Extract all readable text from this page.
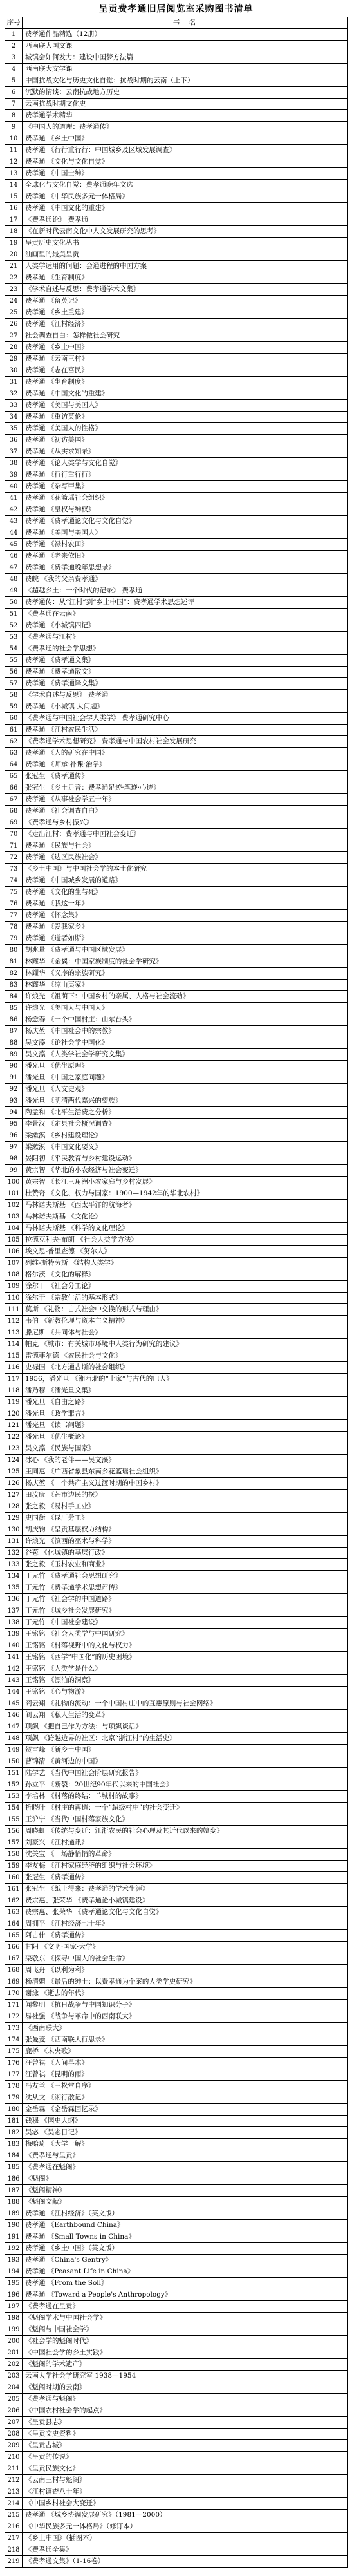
呈贡费孝通旧居阅览室采购图书清单
序号	书　名
1	费孝通作品精选（12册）
2	西南联大国文课
3	城镇会如何发力：建设中国梦方法篇
4	西南联大文学课
5	中国抗战文化与历史文化自觉：抗战时期的云南（上下）
6	沉默的情谈：云南抗战地方历史
7	云南抗战时期文化史
8	费孝通学术精华
9	《中国人的道理：费孝通传》
10	费孝通 《乡土中国》
11	费孝通 《行行重行行：中国城乡及区域发展调查》
12	费孝通 《文化与文化自觉》
13	费孝通 《中国士绅》
14	全球化与文化自觉：费孝通晚年文选
15	费孝通 《中华民族多元一体格局》
16	费孝通 《中国文化的重建》
17	《费孝通论》 费孝通
18	《在新时代云南文化中人文发展研究的思考》
19	呈贡历史文化丛书
20	油画里的最美呈贡
21	人类学运用的问题：会通进程的中国方案
22	费孝通 《生育制度》
23	《学术自述与反思：费孝通学术文集》
24	费孝通 《留英记》
25	费孝通 《乡土重建》
26	费孝通 《江村经济》
27	社会调查自白：怎样做社会研究
28	费孝通 《乡土中国》
29	费孝通 《云南三村》
30	费孝通 《志在富民》
31	费孝通 《生育制度》
32	费孝通 《中国文化的重建》
33	费孝通 《美国与美国人》
34	费孝通 《重访英伦》
35	费孝通 《美国人的性格》
36	费孝通 《初访美国》
37	费孝通 《从实求知录》
38	费孝通 《论人类学与文化自觉》
39	费孝通 《行行重行行》
40	费孝通 《杂写甲集》
41	费孝通 《花篮瑶社会组织》
42	费孝通 《皇权与绅权》
43	费孝通 《费孝通论文化与文化自觉》
44	费孝通 《美国与美国人》
45	费孝通 《禄村农田》
46	费孝通 《老来依旧》
47	费孝通 《费孝通晚年思想录》
48	费皖 《我的父亲费孝通》
49	《超越乡土：一个时代的记录》 费孝通
50	费孝通传：从“江村”到“乡土中国”：费孝通学术思想述评
51	《费孝通在云南》
52	费孝通 《小城镇四记》
53	《费孝通与江村》
54	《费孝通的社会学思想》
55	费孝通 《费孝通文集》
56	费孝通 《费孝通散文》
57	费孝通 《费孝通译文集》
58	《学术自述与反思》 费孝通
59	费孝通 《小城镇 大问题》
60	《费孝通与中国社会学人类学》 费孝通研究中心
61	费孝通 《江村农民生活》
62	《费孝通学术思想研究》 费孝通与中国农村社会发展研究
63	费孝通 《人的研究在中国》
64	费孝通 《师承·补课·治学》
65	张冠生 《费孝通传》
66	张冠生 《乡土足音：费孝通足迹·笔迹·心迹》
67	费孝通 《从事社会学五十年》
68	费孝通 《社会调查自白》
69	《费孝通与乡村振兴》
70	《走出江村：费孝通与中国社会变迁》
71	费孝通 《民族与社会》
72	费孝通 《边区民族社会》
73	《乡土中国》与中国社会学的本土化研究
74	费孝通 《中国城乡发展的道路》
75	费孝通 《文化的生与死》
76	费孝通 《我这一年》
77	费孝通 《怀念集》
78	费孝通 《爱我家乡》
79	费孝通 《逝者如斯》
80	胡兆量 《费孝通与中国区域发展》
81	林耀华 《金翼：中国家族制度的社会学研究》
82	林耀华 《义序的宗族研究》
83	林耀华 《凉山夷家》
84	许烺光 《祖荫下：中国乡村的亲属、人格与社会流动》
85	许烺光 《美国人与中国人》
86	杨懋春 《一个中国村庄：山东台头》
87	杨庆堃 《中国社会中的宗教》
88	吴文藻 《论社会学中国化》
89	吴文藻 《人类学社会学研究文集》
90	潘光旦 《优生原理》
91	潘光旦 《中国之家庭问题》
92	潘光旦 《人文史观》
93	潘光旦 《明清两代嘉兴的望族》
94	陶孟和 《北平生活费之分析》
95	李景汉 《定县社会概况调查》
96	梁漱溟 《乡村建设理论》
97	梁漱溟 《中国文化要义》
98	晏阳初 《平民教育与乡村建设运动》
99	黄宗智 《华北的小农经济与社会变迁》
100 黄宗智 《长江三角洲小农家庭与乡村发展》
101 杜赞奇 《文化、权力与国家：1900—1942年的华北农村》
102 马林诺夫斯基 《西太平洋的航海者》
103 马林诺夫斯基 《文化论》
104 马林诺夫斯基 《科学的文化理论》
105 拉德克利夫-布朗 《社会人类学方法》
106 埃文思-普里查德 《努尔人》
107 列维-斯特劳斯 《结构人类学》
108 格尔茨 《文化的解释》
109 涂尔干 《社会分工论》
110 涂尔干 《宗教生活的基本形式》
111 莫斯 《礼物：古式社会中交换的形式与理由》
112 韦伯 《新教伦理与资本主义精神》
113 滕尼斯 《共同体与社会》
114 帕克 《城市：有关城市环境中人类行为研究的建议》
115 雷德菲尔德 《农民社会与文化》
116 史禄国 《北方通古斯的社会组织》
117 1956，潘光旦 《湘西北的“土家”与古代的巴人》
118 潘乃穆 《潘光旦文集》
119 潘光旦 《自由之路》
120 潘光旦 《政学罪言》
121 潘光旦 《读书问题》
122 潘光旦 《优生概论》
123 吴文藻 《民族与国家》
124 冰心 《我的老伴——吴文藻》
125 王同惠 《广西省象县东南乡花篮瑶社会组织》
126 杨庆堃 《一个共产主义过渡时期的中国乡村》
127 田汝康 《芒市边民的摆》
128 张之毅 《易村手工业》
129 史国衡 《昆厂劳工》
130 胡庆钧 《呈贡基层权力结构》
131 许烺光 《滇西的巫术与科学》
132 谷苞 《化城镇的基层行政》
133 张之毅 《玉村农业和商业》
134 丁元竹 《费孝通社会思想研究》
135 丁元竹 《费孝通学术思想评传》
136 丁元竹 《社会学的中国道路》
137 丁元竹 《城乡社会发展研究》
138 丁元竹 《中国社会建设》
139 王铭铭 《社会人类学与中国研究》
140 王铭铭 《村落视野中的文化与权力》
141 王铭铭 《西学“中国化”的历史困境》
142 王铭铭 《人类学是什么》
143 王铭铭 《漂泊的洞察》
144 王铭铭 《心与物游》
145 阎云翔 《礼物的流动：一个中国村庄中的互惠原则与社会网络》
146 阎云翔 《私人生活的变革》
147 项飙 《把自己作为方法：与项飙谈话》
148 项飙 《跨越边界的社区：北京“浙江村”的生活史》
149 贺雪峰 《新乡土中国》
150 曹锦清 《黄河边的中国》
151 陆学艺 《当代中国社会阶层研究报告》
152 孙立平 《断裂：20世纪90年代以来的中国社会》
153 李培林 《村落的终结：羊城村的故事》
154 折晓叶 《村庄的再造：一个“超级村庄”的社会变迁》
155 王沪宁 《当代中国村落家族文化》
156 周晓虹 《传统与变迁：江浙农民的社会心理及其近代以来的嬗变》
157 刘豪兴 《江村通讯》
158 沈关宝 《一场静悄悄的革命》
159 李友梅 《江村家庭经济的组织与社会环境》
160 张冠生 《费孝通传》
161 张冠生 《纸上得来：费孝通的学术生涯》
162 费宗惠、张荣华 《费孝通论小城镇建设》
163 费宗惠、张荣华 《费孝通论文化与文化自觉》
164 周拥平 《江村经济七十年》
165 阿古什 《费孝通传》
166 甘阳 《文明·国家·大学》
167 渠敬东 《探寻中国人的社会生命》
168 周飞舟 《以利为利》
169 杨清媚 《最后的绅士：以费孝通为个案的人类学史研究》
170 谢泳 《逝去的年代》
171 闻黎明 《抗日战争与中国知识分子》
172 易社强 《战争与革命中的西南联大》
173 《西南联大》
174 张曼菱 《西南联大行思录》
175 鹿桥 《未央歌》
176 汪曾祺 《人间草木》
177 汪曾祺 《昆明的雨》
178 冯友兰 《三松堂自序》
179 沈从文 《湘行散记》
180 金岳霖 《金岳霖回忆录》
181 钱穆 《国史大纲》
182 吴宓 《吴宓日记》
183 梅贻琦 《大学一解》
184 《费孝通与呈贡》
185 《费孝通在魁阁》
186 《魁阁》
187 《魁阁精神》
188 《魁阁文献》
189 费孝通 《江村经济》（英文版）
190 费孝通 《Earthbound China》
191 费孝通 《Small Towns in China》
192 费孝通 《乡土中国》（英文版）
193 费孝通 《China's Gentry》
194 费孝通 《Peasant Life in China》
195 费孝通 《From the Soil》
196 费孝通 《Toward a People's Anthropology》
197 《费孝通在呈贡》
198 《魁阁学术与中国社会学》
199 《魁阁与中国社会学》
200 《社会学的魁阁时代》
201 《中国社会学的乡土实践》
202 《魁阁的学术遗产》
203 云南大学社会学研究室 1938—1954
204 《魁阁时期的云南》
205 《费孝通与魁阁》
206 《中国农村社会学的起点》
207 《呈贡县志》
208 《呈贡文史资料》
209 《呈贡古城》
210 《呈贡的传说》
211 《呈贡民族文化》
212 《云南三村与魁阁》
213 《江村调查八十年》
214 《中国乡村社会大变迁》
215 费孝通 《城乡协调发展研究》（1981—2000）
216 《中华民族多元一体格局》（修订本）
217 《乡土中国》（插图本）
218 《费孝通全集》
219 《费孝通文集》（1-16卷）
